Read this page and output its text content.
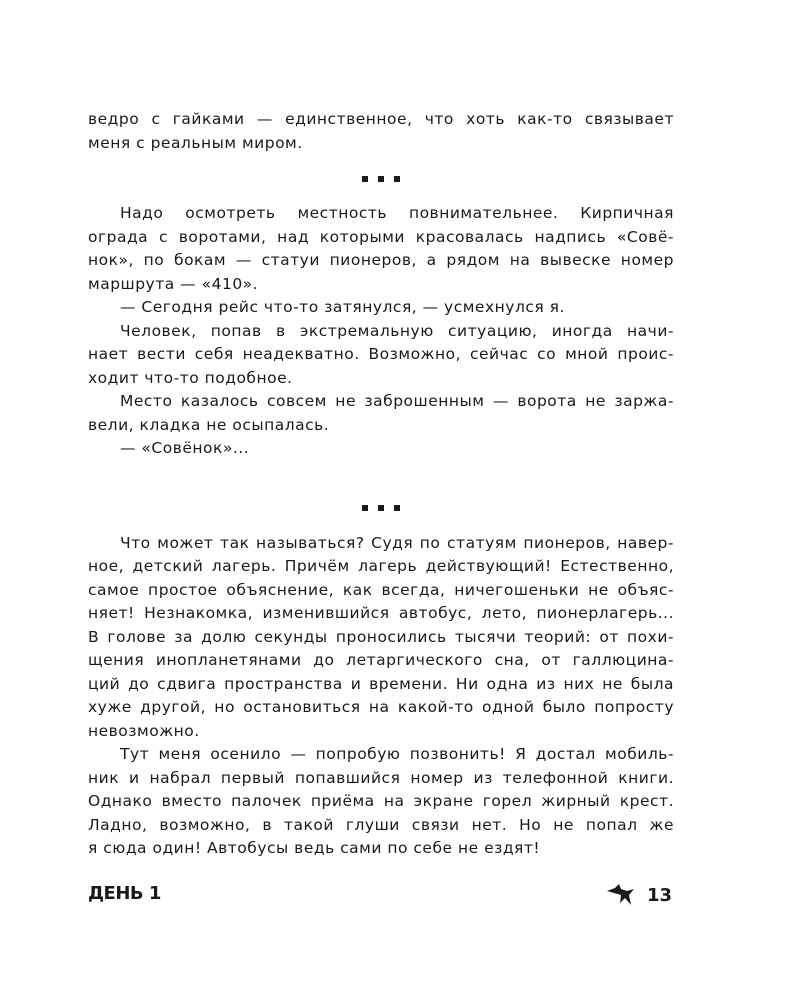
ведро с гайками — единственное, что хоть как-то связывает
меня с реальным миром.
Надо осмотреть местность повнимательнее. Кирпичная
ограда с воротами, над которыми красовалась надпись «Совё-
нок», по бокам — статуи пионеров, а рядом на вывеске номер
маршрута — «410».
— Сегодня рейс что-то затянулся, — усмехнулся я.
Человек, попав в экстремальную ситуацию, иногда начи-
нает вести себя неадекватно. Возможно, сейчас со мной проис-
ходит что-то подобное.
Место казалось совсем не заброшенным — ворота не заржа-
вели, кладка не осыпалась.
— «Совёнок»...
Что может так называться? Судя по статуям пионеров, навер-
ное, детский лагерь. Причём лагерь действующий! Естественно,
самое простое объяснение, как всегда, ничегошеньки не объяс-
няет! Незнакомка, изменившийся автобус, лето, пионерлагерь...
В голове за долю секунды проносились тысячи теорий: от похи-
щения инопланетянами до летаргического сна, от галлюцина-
ций до сдвига пространства и времени. Ни одна из них не была
хуже другой, но остановиться на какой-то одной было попросту
невозможно.
Тут меня осенило — попробую позвонить! Я достал мобиль-
ник и набрал первый попавшийся номер из телефонной книги.
Однако вместо палочек приёма на экране горел жирный крест.
Ладно, возможно, в такой глуши связи нет. Но не попал же
я сюда один! Автобусы ведь сами по себе не ездят!
ДЕНЬ 1	13
